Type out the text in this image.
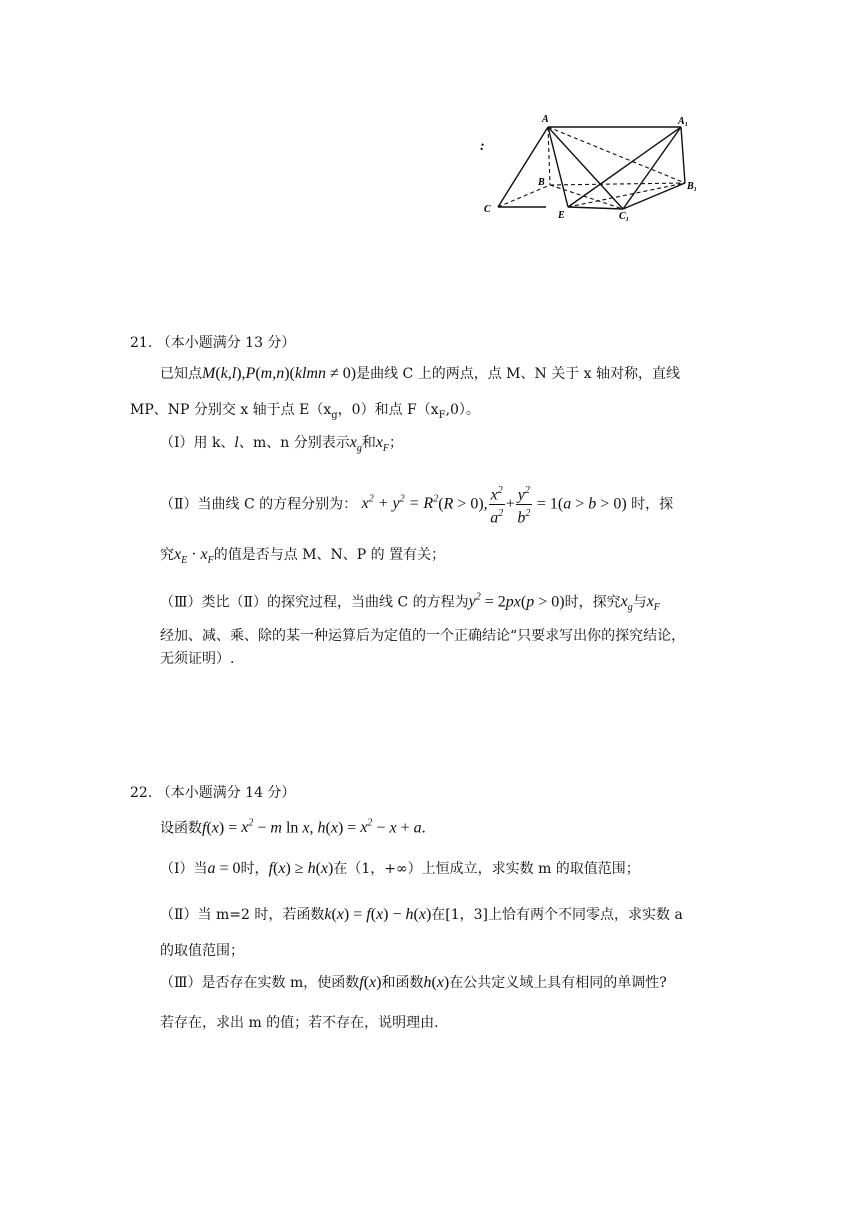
:
A	A₁
B	B₁
C
E	C₁
21. （本小题满分 13 分）
已知点M(k,l),P(m,n)(klmn ≠ 0)是曲线 C 上的两点，点 M、N 关于 x 轴对称，直线
MP、NP 分别交 x 轴于点 $E(x_g$，0）和点 $F(x_F,0)$。
（Ⅰ）用 k、l、m、n 分别表示$x_g$和$x_F$；
（Ⅱ）当曲线 C 的方程分别为： $x^2 + y^2 = R^2(R > 0)$, $\frac{x^2}{a^2} + \frac{y^2}{b^2} = 1(a > b > 0)$ 时，探
究$x_E \cdot x_F$的值是否与点 M、N、P 的 置有关；
（Ⅲ）类比（Ⅱ）的探究过程，当曲线 C 的方程为$y^2 = 2px(p > 0)$时，探究$x_g$与$x_F$
经加、减、乘、除的某一种运算后为定值的一个正确结论“只要求写出你的探究结论，
无须证明）.
22. （本小题满分 14 分）
设函数$f(x) = x^2 - m$ ln x, $h(x) = x^2 - x + a$.
（Ⅰ）当a = 0时，f(x) ≥ h(x)在（1，+∞）上恒成立，求实数 m 的取值范围；
（Ⅱ）当 m=2 时，若函数k(x) = f(x) − h(x)在[1，3]上恰有两个不同零点，求实数 a
的取值范围；
（Ⅲ）是否存在实数 m，使函数f(x)和函数h(x)在公共定义域上具有相同的单调性?
若存在，求出 m 的值；若不存在，说明理由.
